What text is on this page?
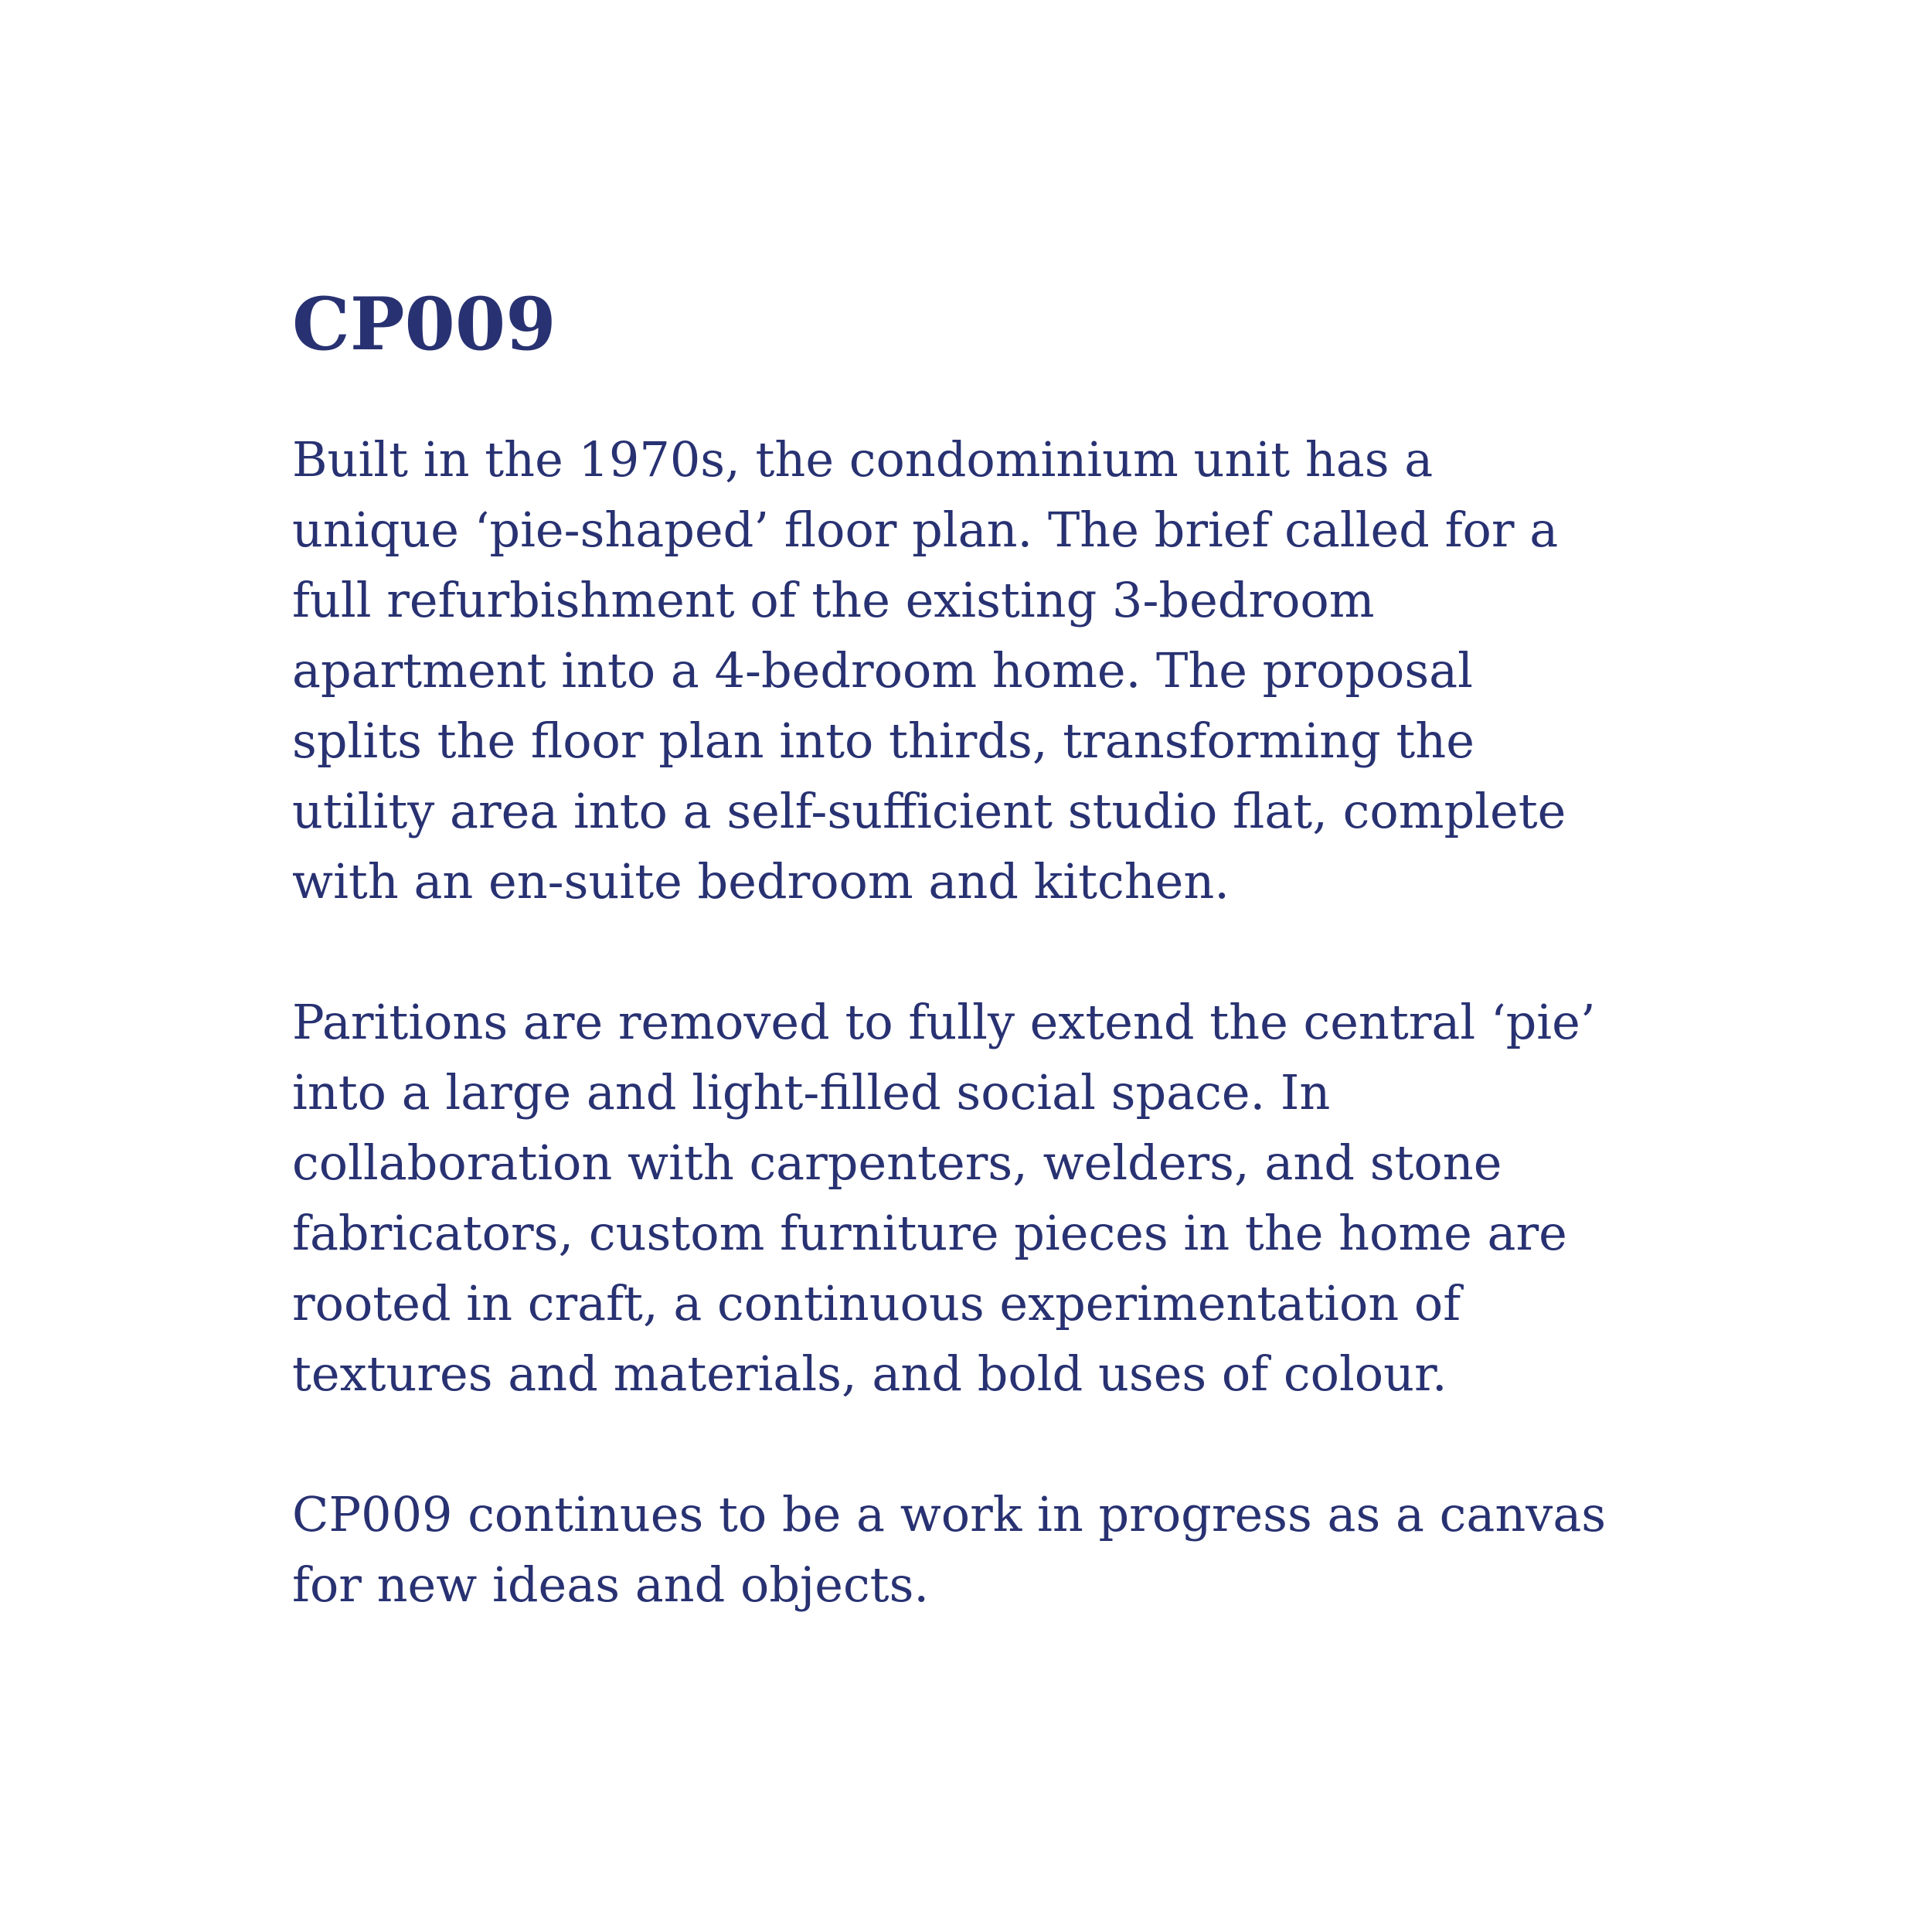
CP009

Built in the 1970s, the condominium unit has a
unique ‘pie-shaped’ floor plan. The brief called for a
full refurbishment of the existing 3-bedroom
apartment into a 4-bedroom home. The proposal
splits the floor plan into thirds, transforming the
utility area into a self-sufficient studio flat, complete
with an en-suite bedroom and kitchen.

Paritions are removed to fully extend the central ‘pie’
into a large and light-filled social space. In
collaboration with carpenters, welders, and stone
fabricators, custom furniture pieces in the home are
rooted in craft, a continuous experimentation of
textures and materials, and bold uses of colour.

CP009 continues to be a work in progress as a canvas
for new ideas and objects.
